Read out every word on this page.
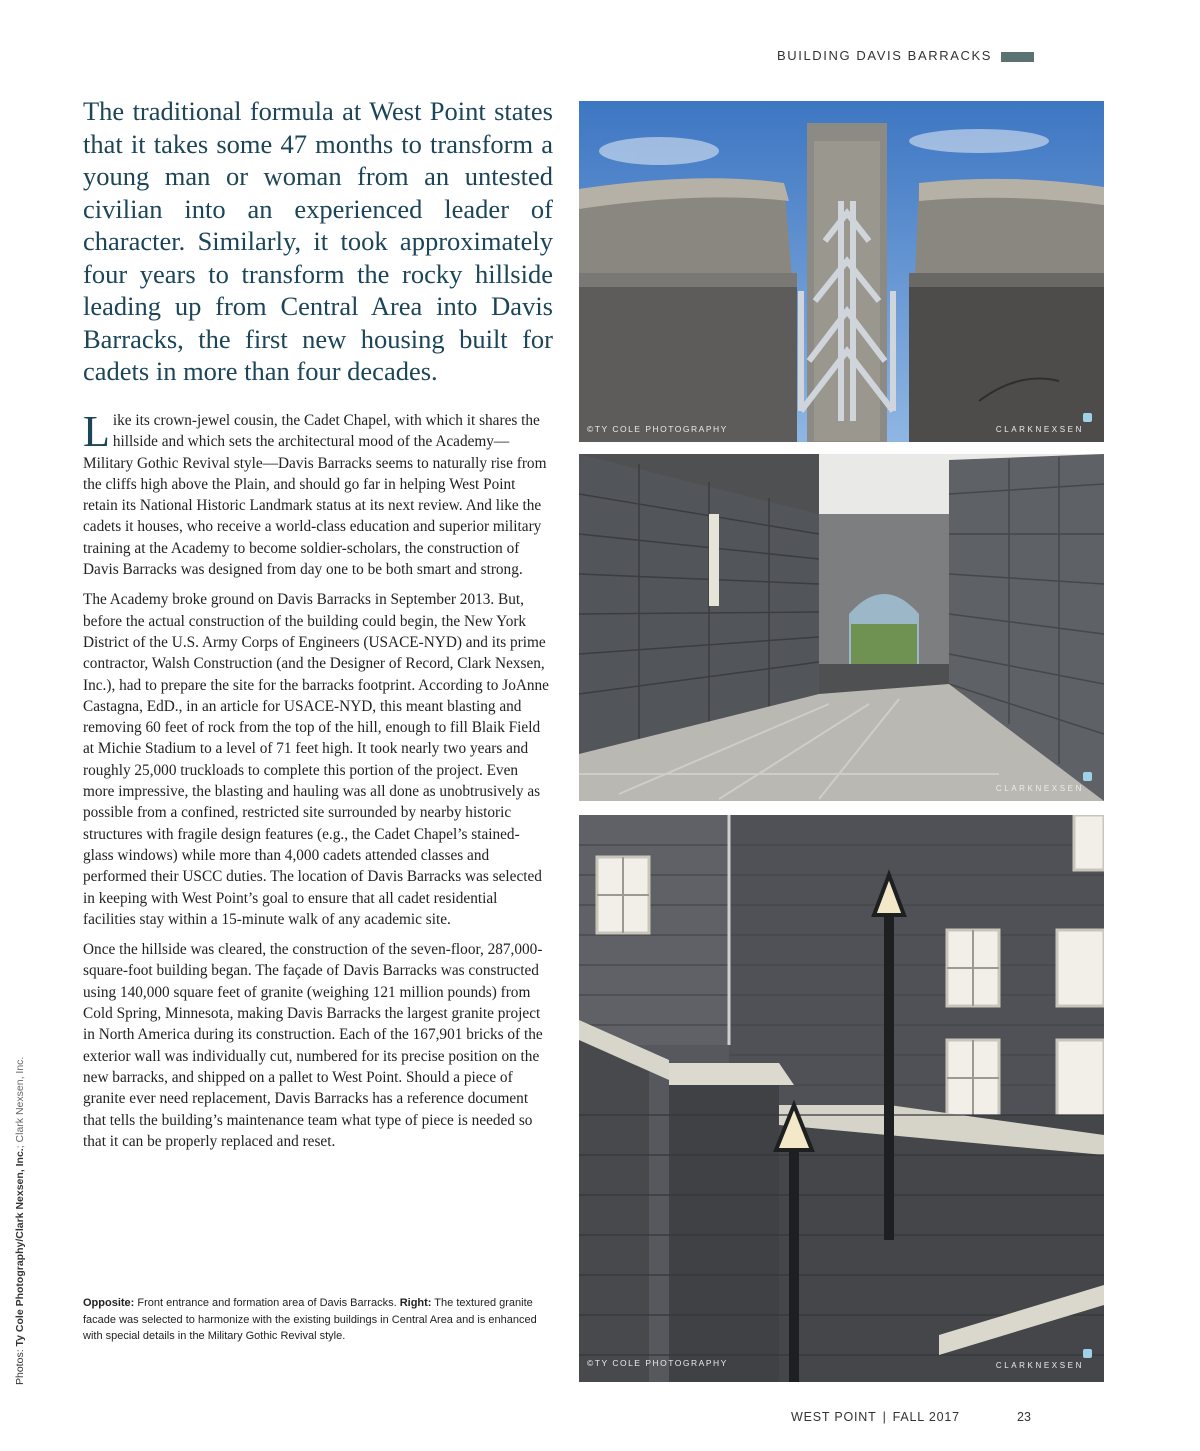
BUILDING DAVIS BARRACKS

The traditional formula at West Point states that it takes some 47 months to transform a young man or woman from an untested civilian into an experienced leader of character. Similarly, it took approximately four years to transform the rocky hillside leading up from Central Area into Davis Barracks, the first new housing built for cadets in more than four decades.

Like its crown-jewel cousin, the Cadet Chapel, with which it shares the hillside and which sets the architectural mood of the Academy—Military Gothic Revival style—Davis Barracks seems to naturally rise from the cliffs high above the Plain, and should go far in helping West Point retain its National Historic Landmark status at its next review. And like the cadets it houses, who receive a world-class education and superior military training at the Academy to become soldier-scholars, the construction of Davis Barracks was designed from day one to be both smart and strong.

The Academy broke ground on Davis Barracks in September 2013. But, before the actual construction of the building could begin, the New York District of the U.S. Army Corps of Engineers (USACE-NYD) and its prime contractor, Walsh Construction (and the Designer of Record, Clark Nexsen, Inc.), had to prepare the site for the barracks footprint. According to JoAnne Castagna, EdD., in an article for USACE-NYD, this meant blasting and removing 60 feet of rock from the top of the hill, enough to fill Blaik Field at Michie Stadium to a level of 71 feet high. It took nearly two years and roughly 25,000 truckloads to complete this portion of the project. Even more impressive, the blasting and hauling was all done as unobtrusively as possible from a confined, restricted site surrounded by nearby historic structures with fragile design features (e.g., the Cadet Chapel’s stained-glass windows) while more than 4,000 cadets attended classes and performed their USCC duties. The location of Davis Barracks was selected in keeping with West Point’s goal to ensure that all cadet residential facilities stay within a 15-minute walk of any academic site.

Once the hillside was cleared, the construction of the seven-floor, 287,000-square-foot building began. The façade of Davis Barracks was constructed using 140,000 square feet of granite (weighing 121 million pounds) from Cold Spring, Minnesota, making Davis Barracks the largest granite project in North America during its construction. Each of the 167,901 bricks of the exterior wall was individually cut, numbered for its precise position on the new barracks, and shipped on a pallet to West Point. Should a piece of granite ever need replacement, Davis Barracks has a reference document that tells the building’s maintenance team what type of piece is needed so that it can be properly replaced and reset.

Opposite: Front entrance and formation area of Davis Barracks. Right: The textured granite facade was selected to harmonize with the existing buildings in Central Area and is enhanced with special details in the Military Gothic Revival style.
Photos: Ty Cole Photography/Clark Nexsen, Inc.; Clark Nexsen, Inc.
©TY COLE PHOTOGRAPHY	CLARKNEXSEN
CLARKNEXSEN
©TY COLE PHOTOGRAPHY	CLARKNEXSEN
WEST POINT | FALL 2017	23
